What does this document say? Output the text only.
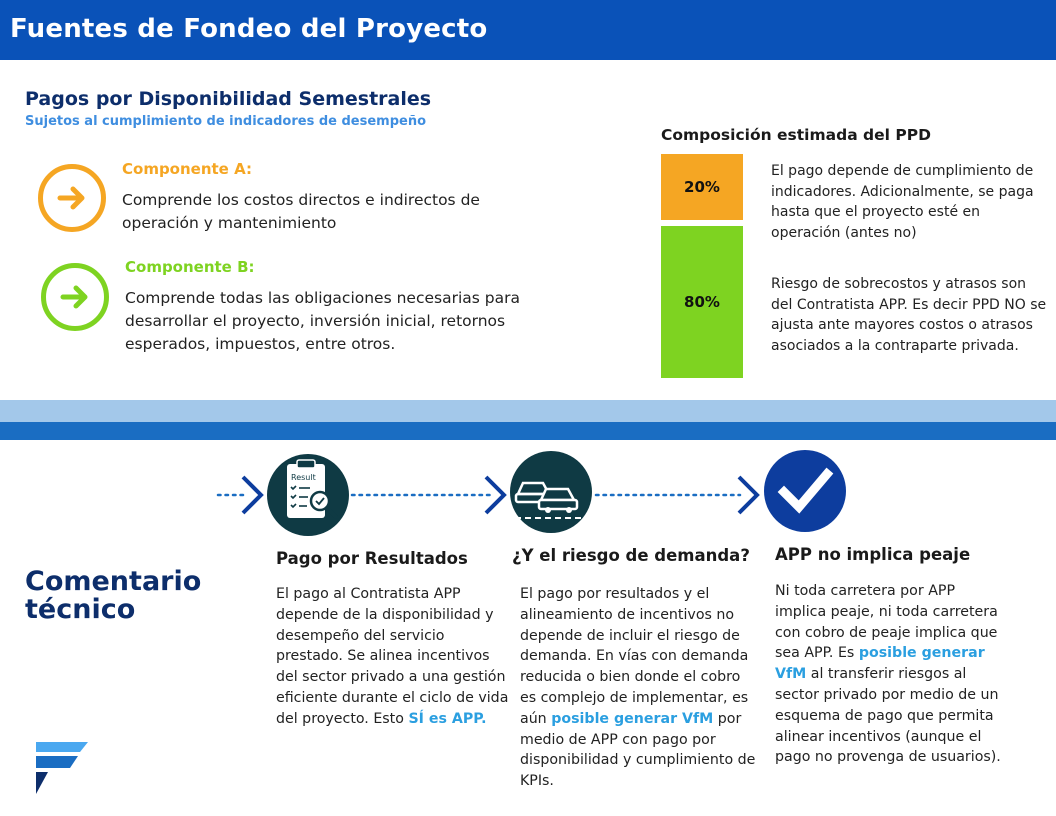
Fuentes de Fondeo del Proyecto
Pagos por Disponibilidad Semestrales
Sujetos al cumplimiento de indicadores de desempeño
Componente A:
Comprende los costos directos e indirectos de operación y mantenimiento
Componente B:
Comprende todas las obligaciones necesarias para desarrollar el proyecto, inversión inicial, retornos esperados, impuestos, entre otros.
Composición estimada del PPD
20%
80%
El pago depende de cumplimiento de indicadores. Adicionalmente, se paga hasta que el proyecto esté en operación (antes no)
Riesgo de sobrecostos y atrasos son del Contratista APP. Es decir PPD NO se ajusta ante mayores costos o atrasos asociados a la contraparte privada.
Result
Comentario
técnico
Pago por Resultados
El pago al Contratista APP depende de la disponibilidad y desempeño del servicio prestado. Se alinea incentivos del sector privado a una gestión eficiente durante el ciclo de vida del proyecto. Esto SÍ es APP.
¿Y el riesgo de demanda?
El pago por resultados y el alineamiento de incentivos no depende de incluir el riesgo de demanda. En vías con demanda reducida o bien donde el cobro es complejo de implementar, es aún posible generar VfM por medio de APP con pago por disponibilidad y cumplimiento de KPIs.
APP no implica peaje
Ni toda carretera por APP implica peaje, ni toda carretera con cobro de peaje implica que sea APP. Es posible generar VfM al transferir riesgos al sector privado por medio de un esquema de pago que permita alinear incentivos (aunque el pago no provenga de usuarios).
